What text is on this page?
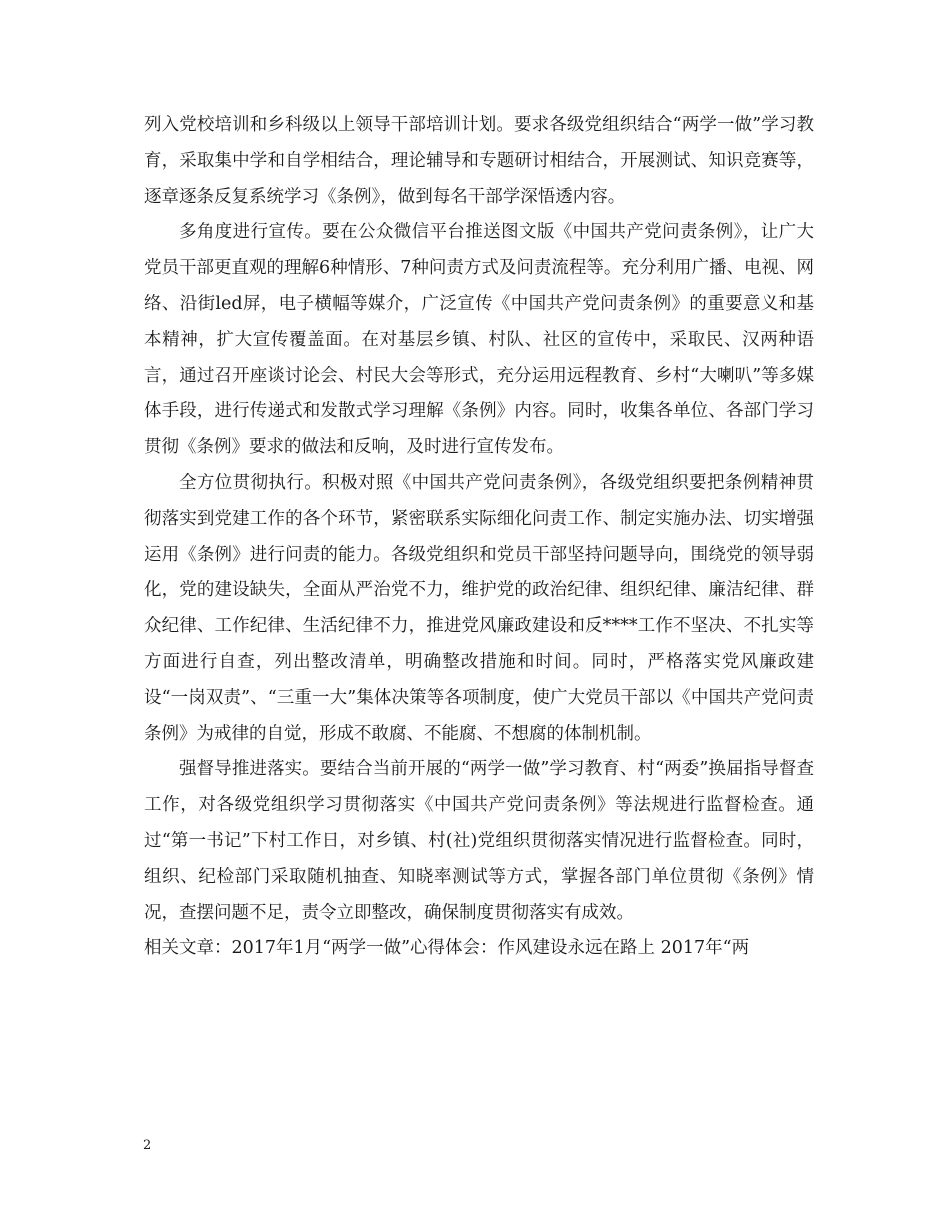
列入党校培训和乡科级以上领导干部培训计划。要求各级党组织结合“两学一做”学习教育，采取集中学和自学相结合，理论辅导和专题研讨相结合，开展测试、知识竞赛等，逐章逐条反复系统学习《条例》，做到每名干部学深悟透内容。

多角度进行宣传。要在公众微信平台推送图文版《中国共产党问责条例》，让广大党员干部更直观的理解6种情形、7种问责方式及问责流程等。充分利用广播、电视、网络、沿街led屏，电子横幅等媒介，广泛宣传《中国共产党问责条例》的重要意义和基本精神，扩大宣传覆盖面。在对基层乡镇、村队、社区的宣传中，采取民、汉两种语言，通过召开座谈讨论会、村民大会等形式，充分运用远程教育、乡村“大喇叭”等多媒体手段，进行传递式和发散式学习理解《条例》内容。同时，收集各单位、各部门学习贯彻《条例》要求的做法和反响，及时进行宣传发布。

全方位贯彻执行。积极对照《中国共产党问责条例》，各级党组织要把条例精神贯彻落实到党建工作的各个环节，紧密联系实际细化问责工作、制定实施办法、切实增强运用《条例》进行问责的能力。各级党组织和党员干部坚持问题导向，围绕党的领导弱化，党的建设缺失，全面从严治党不力，维护党的政治纪律、组织纪律、廉洁纪律、群众纪律、工作纪律、生活纪律不力，推进党风廉政建设和反****工作不坚决、不扎实等方面进行自查，列出整改清单，明确整改措施和时间。同时，严格落实党风廉政建设“一岗双责”、“三重一大”集体决策等各项制度，使广大党员干部以《中国共产党问责条例》为戒律的自觉，形成不敢腐、不能腐、不想腐的体制机制。

强督导推进落实。要结合当前开展的“两学一做”学习教育、村“两委”换届指导督查工作，对各级党组织学习贯彻落实《中国共产党问责条例》等法规进行监督检查。通过“第一书记”下村工作日，对乡镇、村(社)党组织贯彻落实情况进行监督检查。同时，组织、纪检部门采取随机抽查、知晓率测试等方式，掌握各部门单位贯彻《条例》情况，查摆问题不足，责令立即整改，确保制度贯彻落实有成效。

相关文章：2017年1月“两学一做”心得体会：作风建设永远在路上 2017年“两

2
